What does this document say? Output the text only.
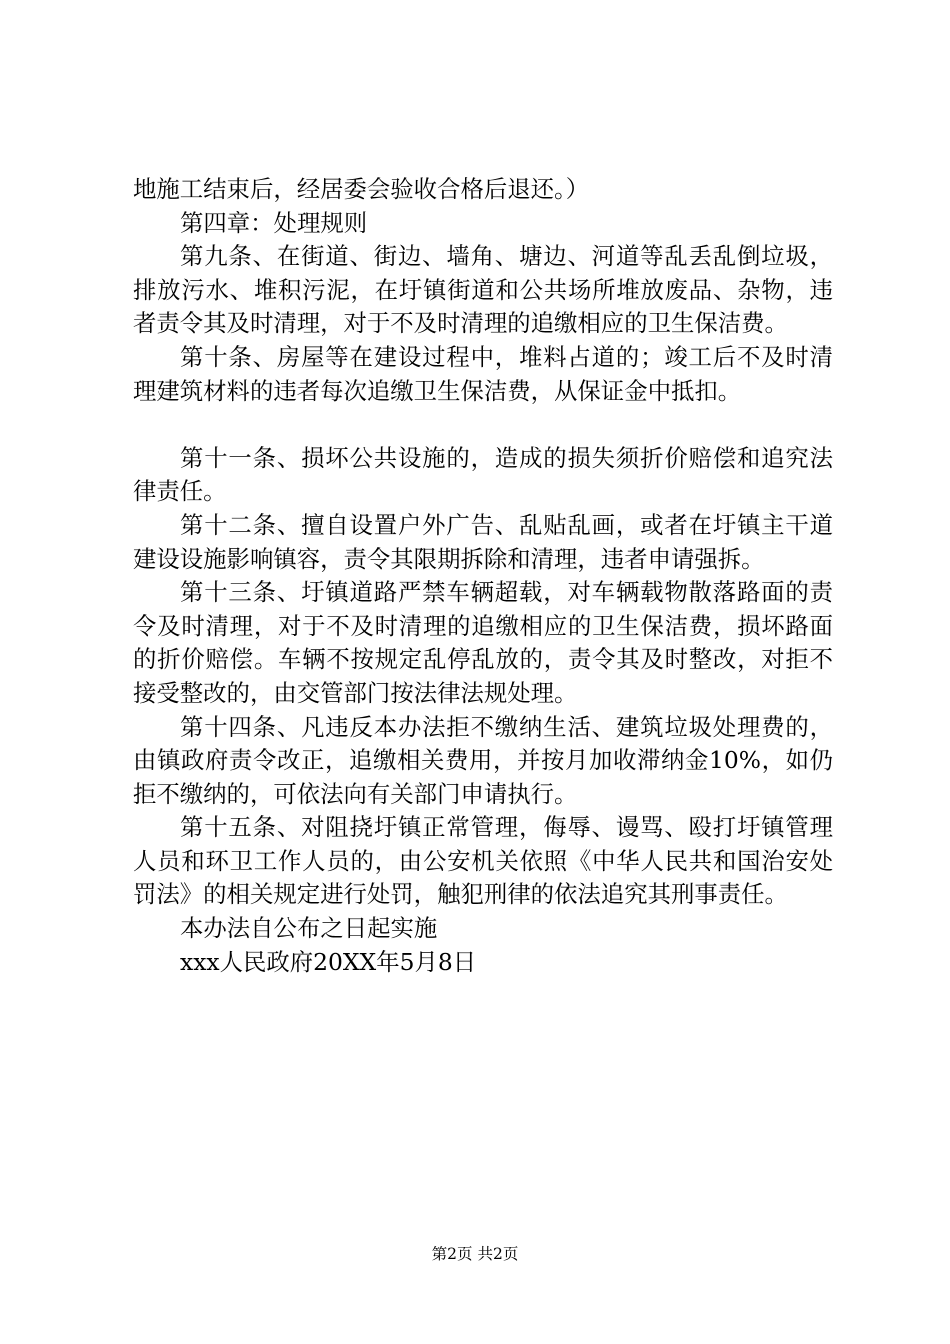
地施工结束后，经居委会验收合格后退还。）

第四章：处理规则

第九条、在街道、街边、墙角、塘边、河道等乱丢乱倒垃圾，排放污水、堆积污泥，在圩镇街道和公共场所堆放废品、杂物，违者责令其及时清理，对于不及时清理的追缴相应的卫生保洁费。

第十条、房屋等在建设过程中，堆料占道的；竣工后不及时清理建筑材料的违者每次追缴卫生保洁费，从保证金中抵扣。

第十一条、损坏公共设施的，造成的损失须折价赔偿和追究法律责任。

第十二条、擅自设置户外广告、乱贴乱画，或者在圩镇主干道建设设施影响镇容，责令其限期拆除和清理，违者申请强拆。

第十三条、圩镇道路严禁车辆超载，对车辆载物散落路面的责令及时清理，对于不及时清理的追缴相应的卫生保洁费，损坏路面的折价赔偿。车辆不按规定乱停乱放的，责令其及时整改，对拒不接受整改的，由交管部门按法律法规处理。

第十四条、凡违反本办法拒不缴纳生活、建筑垃圾处理费的，由镇政府责令改正，追缴相关费用，并按月加收滞纳金10%，如仍拒不缴纳的，可依法向有关部门申请执行。

第十五条、对阻挠圩镇正常管理，侮辱、谩骂、殴打圩镇管理人员和环卫工作人员的，由公安机关依照《中华人民共和国治安处罚法》的相关规定进行处罚，触犯刑律的依法追究其刑事责任。

本办法自公布之日起实施

xxx人民政府20XX年5月8日

第2页 共2页
